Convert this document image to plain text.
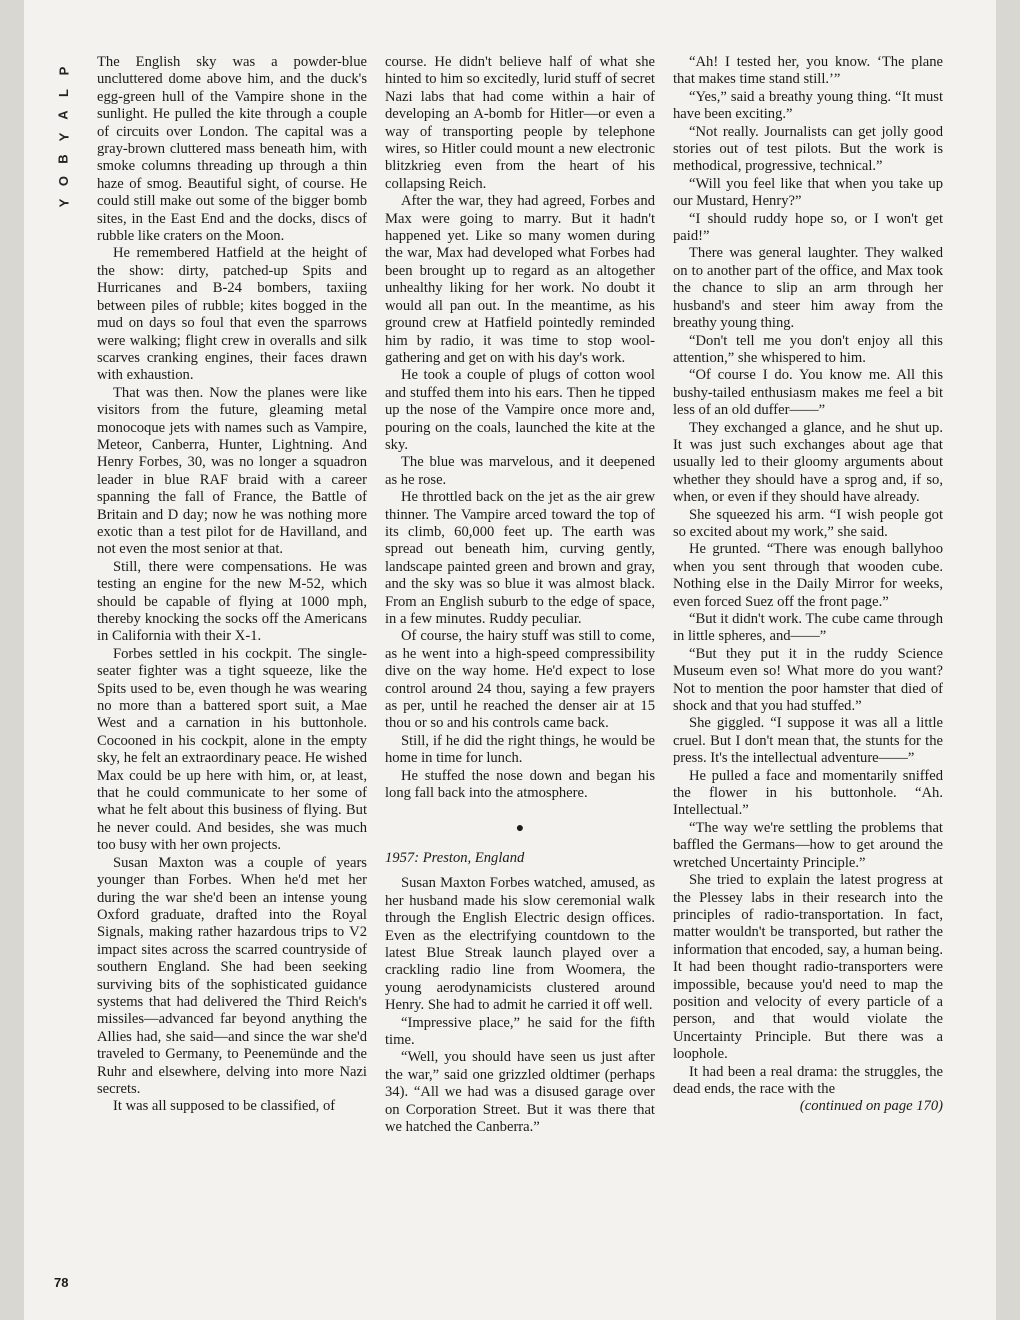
P
L
A
Y
B
O
Y

The English sky was a powder-blue uncluttered dome above him, and the duck's egg-green hull of the Vampire shone in the sunlight. He pulled the kite through a couple of circuits over London. The capital was a gray-brown cluttered mass beneath him, with smoke columns threading up through a thin haze of smog. Beautiful sight, of course. He could still make out some of the bigger bomb sites, in the East End and the docks, discs of rubble like craters on the Moon.

He remembered Hatfield at the height of the show: dirty, patched-up Spits and Hurricanes and B-24 bombers, taxiing between piles of rubble; kites bogged in the mud on days so foul that even the sparrows were walking; flight crew in overalls and silk scarves cranking engines, their faces drawn with exhaustion.

That was then. Now the planes were like visitors from the future, gleaming metal monocoque jets with names such as Vampire, Meteor, Canberra, Hunter, Lightning. And Henry Forbes, 30, was no longer a squadron leader in blue RAF braid with a career spanning the fall of France, the Battle of Britain and D day; now he was nothing more exotic than a test pilot for de Havilland, and not even the most senior at that.

Still, there were compensations. He was testing an engine for the new M-52, which should be capable of flying at 1000 mph, thereby knocking the socks off the Americans in California with their X-1.

Forbes settled in his cockpit. The single-seater fighter was a tight squeeze, like the Spits used to be, even though he was wearing no more than a battered sport suit, a Mae West and a carnation in his buttonhole. Cocooned in his cockpit, alone in the empty sky, he felt an extraordinary peace. He wished Max could be up here with him, or, at least, that he could communicate to her some of what he felt about this business of flying. But he never could. And besides, she was much too busy with her own projects.

Susan Maxton was a couple of years younger than Forbes. When he'd met her during the war she'd been an intense young Oxford graduate, drafted into the Royal Signals, making rather hazardous trips to V2 impact sites across the scarred countryside of southern England. She had been seeking surviving bits of the sophisticated guidance systems that had delivered the Third Reich's missiles—advanced far beyond anything the Allies had, she said—and since the war she'd traveled to Germany, to Peenemünde and the Ruhr and elsewhere, delving into more Nazi secrets.

It was all supposed to be classified, of

course. He didn't believe half of what she hinted to him so excitedly, lurid stuff of secret Nazi labs that had come within a hair of developing an A-bomb for Hitler—or even a way of transporting people by telephone wires, so Hitler could mount a new electronic blitzkrieg even from the heart of his collapsing Reich.

After the war, they had agreed, Forbes and Max were going to marry. But it hadn't happened yet. Like so many women during the war, Max had developed what Forbes had been brought up to regard as an altogether unhealthy liking for her work. No doubt it would all pan out. In the meantime, as his ground crew at Hatfield pointedly reminded him by radio, it was time to stop wool-gathering and get on with his day's work.

He took a couple of plugs of cotton wool and stuffed them into his ears. Then he tipped up the nose of the Vampire once more and, pouring on the coals, launched the kite at the sky.

The blue was marvelous, and it deepened as he rose.

He throttled back on the jet as the air grew thinner. The Vampire arced toward the top of its climb, 60,000 feet up. The earth was spread out beneath him, curving gently, landscape painted green and brown and gray, and the sky was so blue it was almost black. From an English suburb to the edge of space, in a few minutes. Ruddy peculiar.

Of course, the hairy stuff was still to come, as he went into a high-speed compressibility dive on the way home. He'd expect to lose control around 24 thou, saying a few prayers as per, until he reached the denser air at 15 thou or so and his controls came back.

Still, if he did the right things, he would be home in time for lunch.

He stuffed the nose down and began his long fall back into the atmosphere.

●

1957: Preston, England

Susan Maxton Forbes watched, amused, as her husband made his slow ceremonial walk through the English Electric design offices. Even as the electrifying countdown to the latest Blue Streak launch played over a crackling radio line from Woomera, the young aerodynamicists clustered around Henry. She had to admit he carried it off well.

“Impressive place,” he said for the fifth time.

“Well, you should have seen us just after the war,” said one grizzled oldtimer (perhaps 34). “All we had was a disused garage over on Corporation Street. But it was there that we hatched the Canberra.”

“Ah! I tested her, you know. ‘The plane that makes time stand still.’”

“Yes,” said a breathy young thing. “It must have been exciting.”

“Not really. Journalists can get jolly good stories out of test pilots. But the work is methodical, progressive, technical.”

“Will you feel like that when you take up our Mustard, Henry?”

“I should ruddy hope so, or I won't get paid!”

There was general laughter. They walked on to another part of the office, and Max took the chance to slip an arm through her husband's and steer him away from the breathy young thing.

“Don't tell me you don't enjoy all this attention,” she whispered to him.

“Of course I do. You know me. All this bushy-tailed enthusiasm makes me feel a bit less of an old duffer——”

They exchanged a glance, and he shut up. It was just such exchanges about age that usually led to their gloomy arguments about whether they should have a sprog and, if so, when, or even if they should have already.

She squeezed his arm. “I wish people got so excited about my work,” she said.

He grunted. “There was enough ballyhoo when you sent through that wooden cube. Nothing else in the Daily Mirror for weeks, even forced Suez off the front page.”

“But it didn't work. The cube came through in little spheres, and——”

“But they put it in the ruddy Science Museum even so! What more do you want? Not to mention the poor hamster that died of shock and that you had stuffed.”

She giggled. “I suppose it was all a little cruel. But I don't mean that, the stunts for the press. It's the intellectual adventure——”

He pulled a face and momentarily sniffed the flower in his buttonhole. “Ah. Intellectual.”

“The way we're settling the problems that baffled the Germans—how to get around the wretched Uncertainty Principle.”

She tried to explain the latest progress at the Plessey labs in their research into the principles of radio-transportation. In fact, matter wouldn't be transported, but rather the information that encoded, say, a human being. It had been thought radio-transporters were impossible, because you'd need to map the position and velocity of every particle of a person, and that would violate the Uncertainty Principle. But there was a loophole.

It had been a real drama: the struggles, the dead ends, the race with the

(continued on page 170)

78
